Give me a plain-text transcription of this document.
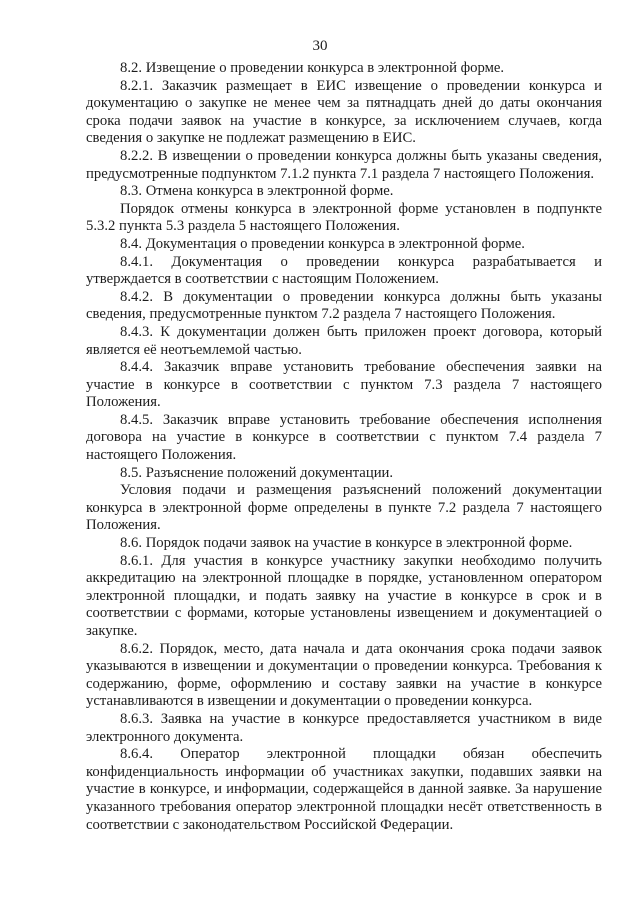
30

8.2. Извещение о проведении конкурса в электронной форме.

8.2.1. Заказчик размещает в ЕИС извещение о проведении конкурса и документацию о закупке не менее чем за пятнадцать дней до даты окончания срока подачи заявок на участие в конкурсе, за исключением случаев, когда сведения о закупке не подлежат размещению в ЕИС.

8.2.2. В извещении о проведении конкурса должны быть указаны сведения, предусмотренные подпунктом 7.1.2 пункта 7.1 раздела 7 настоящего Положения.

8.3. Отмена конкурса в электронной форме.

Порядок отмены конкурса в электронной форме установлен в подпункте 5.3.2 пункта 5.3 раздела 5 настоящего Положения.

8.4. Документация о проведении конкурса в электронной форме.

8.4.1. Документация о проведении конкурса разрабатывается и утверждается в соответствии с настоящим Положением.

8.4.2. В документации о проведении конкурса должны быть указаны сведения, предусмотренные пунктом 7.2 раздела 7 настоящего Положения.

8.4.3. К документации должен быть приложен проект договора, который является её неотъемлемой частью.

8.4.4. Заказчик вправе установить требование обеспечения заявки на участие в конкурсе в соответствии с пунктом 7.3 раздела 7 настоящего Положения.

8.4.5. Заказчик вправе установить требование обеспечения исполнения договора на участие в конкурсе в соответствии с пунктом 7.4 раздела 7 настоящего Положения.

8.5. Разъяснение положений документации.

Условия подачи и размещения разъяснений положений документации конкурса в электронной форме определены в пункте 7.2 раздела 7 настоящего Положения.

8.6. Порядок подачи заявок на участие в конкурсе в электронной форме.

8.6.1. Для участия в конкурсе участнику закупки необходимо получить аккредитацию на электронной площадке в порядке, установленном оператором электронной площадки, и подать заявку на участие в конкурсе в срок и в соответствии с формами, которые установлены извещением и документацией о закупке.

8.6.2. Порядок, место, дата начала и дата окончания срока подачи заявок указываются в извещении и документации о проведении конкурса. Требования к содержанию, форме, оформлению и составу заявки на участие в конкурсе устанавливаются в извещении и документации о проведении конкурса.

8.6.3. Заявка на участие в конкурсе предоставляется участником в виде электронного документа.

8.6.4. Оператор электронной площадки обязан обеспечить конфиденциальность информации об участниках закупки, подавших заявки на участие в конкурсе, и информации, содержащейся в данной заявке. За нарушение указанного требования оператор электронной площадки несёт ответственность в соответствии с законодательством Российской Федерации.
